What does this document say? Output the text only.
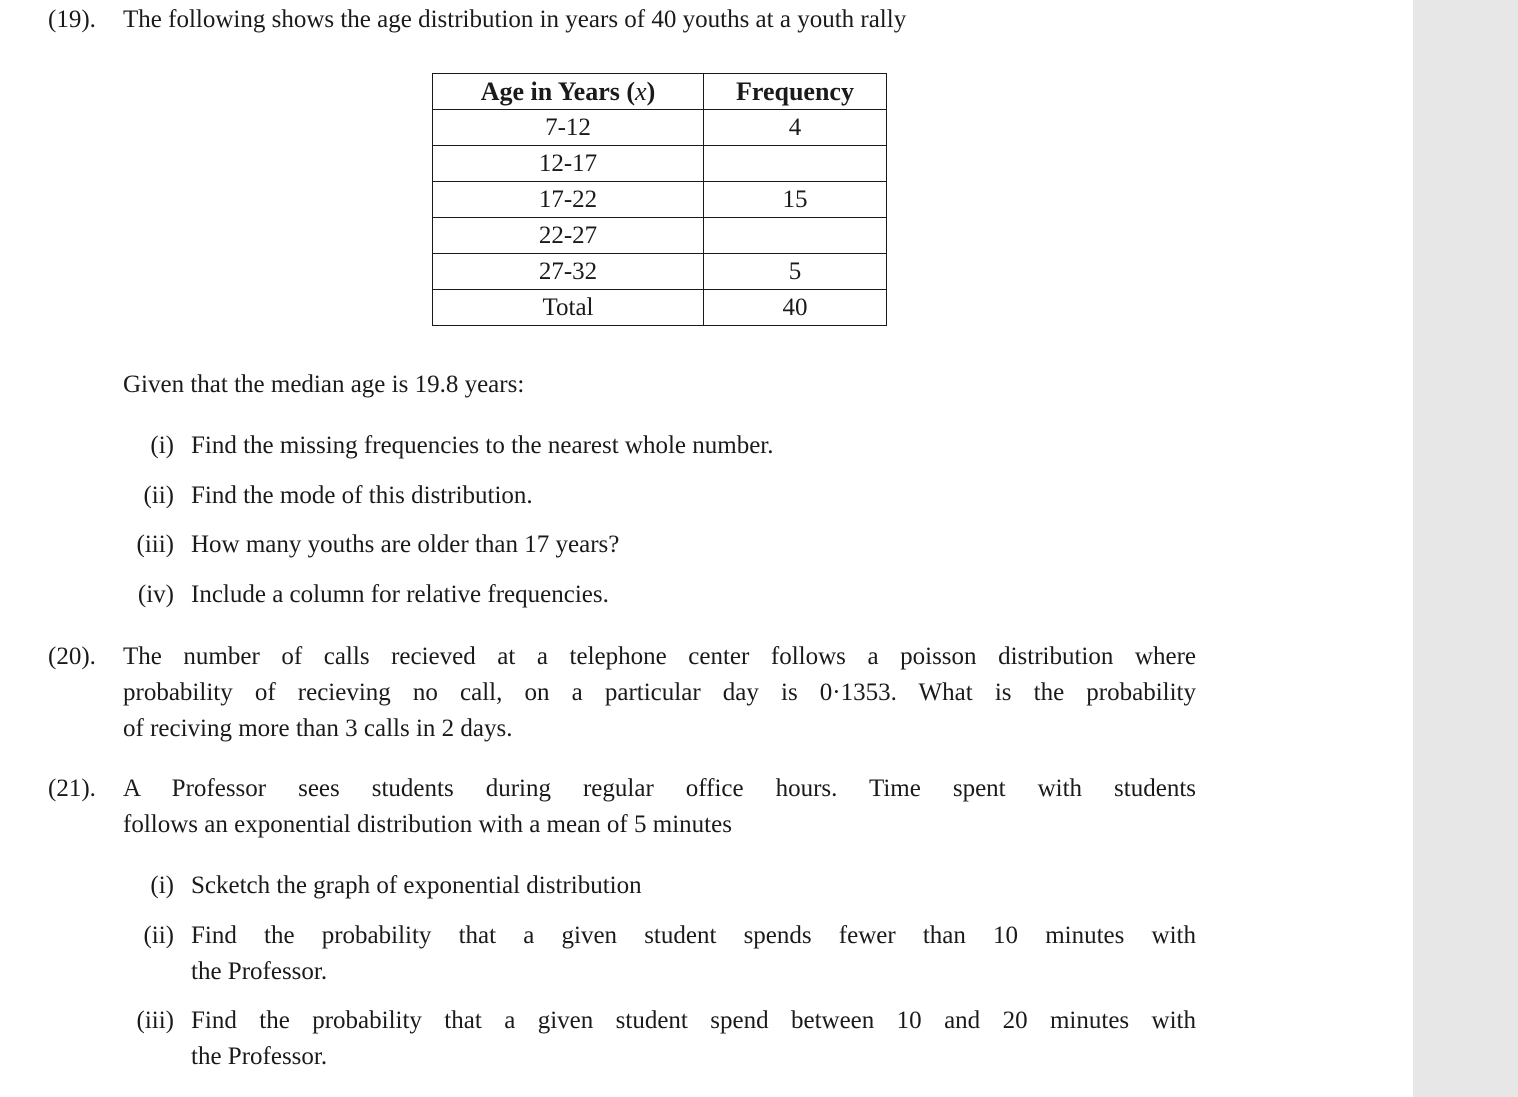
(19). The following shows the age distribution in years of 40 youths at a youth rally
Age in Years (x)	Frequency
7-12	4
12-17	
17-22	15
22-27	
27-32	5
Total	40
Given that the median age is 19.8 years:
(i) Find the missing frequencies to the nearest whole number.
(ii) Find the mode of this distribution.
(iii) How many youths are older than 17 years?
(iv) Include a column for relative frequencies.
(20). The number of calls recieved at a telephone center follows a poisson distribution where
probability of recieving no call, on a particular day is 0·1353. What is the probability
of reciving more than 3 calls in 2 days.
(21). A Professor sees students during regular office hours. Time spent with students
follows an exponential distribution with a mean of 5 minutes
(i) Scketch the graph of exponential distribution
(ii) Find the probability that a given student spends fewer than 10 minutes with
the Professor.
(iii) Find the probability that a given student spend between 10 and 20 minutes with
the Professor.
